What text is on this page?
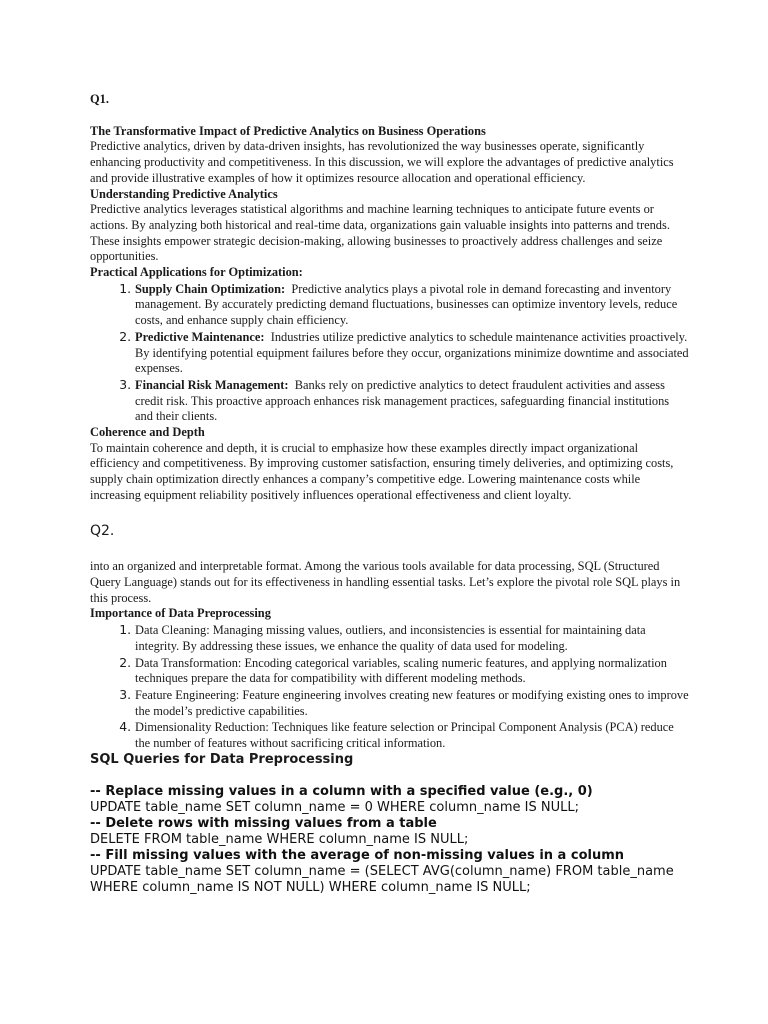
Q1.

The Transformative Impact of Predictive Analytics on Business Operations

Predictive analytics, driven by data-driven insights, has revolutionized the way businesses operate, significantly enhancing productivity and competitiveness. In this discussion, we will explore the advantages of predictive analytics and provide illustrative examples of how it optimizes resource allocation and operational efficiency.

Understanding Predictive Analytics

Predictive analytics leverages statistical algorithms and machine learning techniques to anticipate future events or actions. By analyzing both historical and real-time data, organizations gain valuable insights into patterns and trends. These insights empower strategic decision-making, allowing businesses to proactively address challenges and seize opportunities.

Practical Applications for Optimization:

1. Supply Chain Optimization: Predictive analytics plays a pivotal role in demand forecasting and inventory management. By accurately predicting demand fluctuations, businesses can optimize inventory levels, reduce costs, and enhance supply chain efficiency.
2. Predictive Maintenance: Industries utilize predictive analytics to schedule maintenance activities proactively. By identifying potential equipment failures before they occur, organizations minimize downtime and associated expenses.
3. Financial Risk Management: Banks rely on predictive analytics to detect fraudulent activities and assess credit risk. This proactive approach enhances risk management practices, safeguarding financial institutions and their clients.

Coherence and Depth

To maintain coherence and depth, it is crucial to emphasize how these examples directly impact organizational efficiency and competitiveness. By improving customer satisfaction, ensuring timely deliveries, and optimizing costs, supply chain optimization directly enhances a company’s competitive edge. Lowering maintenance costs while increasing equipment reliability positively influences operational effectiveness and client loyalty.

Q2.

into an organized and interpretable format. Among the various tools available for data processing, SQL (Structured Query Language) stands out for its effectiveness in handling essential tasks. Let’s explore the pivotal role SQL plays in this process.

Importance of Data Preprocessing

1. Data Cleaning: Managing missing values, outliers, and inconsistencies is essential for maintaining data integrity. By addressing these issues, we enhance the quality of data used for modeling.
2. Data Transformation: Encoding categorical variables, scaling numeric features, and applying normalization techniques prepare the data for compatibility with different modeling methods.
3. Feature Engineering: Feature engineering involves creating new features or modifying existing ones to improve the model’s predictive capabilities.
4. Dimensionality Reduction: Techniques like feature selection or Principal Component Analysis (PCA) reduce the number of features without sacrificing critical information.

SQL Queries for Data Preprocessing

-- Replace missing values in a column with a specified value (e.g., 0)

UPDATE table_name SET column_name = 0 WHERE column_name IS NULL;

-- Delete rows with missing values from a table

DELETE FROM table_name WHERE column_name IS NULL;

-- Fill missing values with the average of non-missing values in a column

UPDATE table_name SET column_name = (SELECT AVG(column_name) FROM table_name WHERE column_name IS NOT NULL) WHERE column_name IS NULL;
